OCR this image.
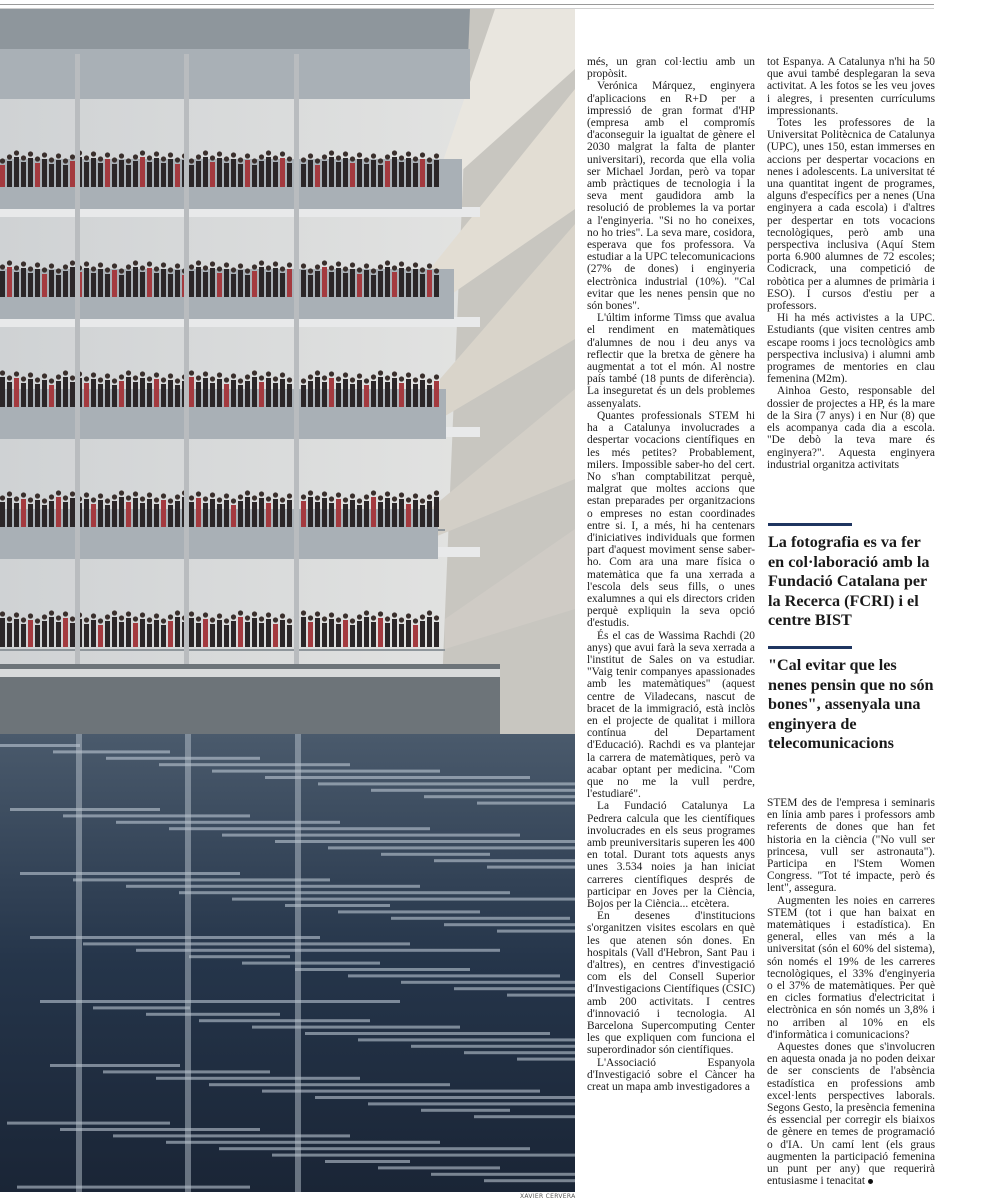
XAVIER CERVERA

més, un gran col·lectiu amb un propòsit.

Verónica Márquez, enginyera d'aplicacions en R+D per a impressió de gran format d'HP (empresa amb el compromís d'aconseguir la igualtat de gènere el 2030 malgrat la falta de planter universitari), recorda que ella volia ser Michael Jordan, però va topar amb pràctiques de tecnologia i la seva ment gaudidora amb la resolució de problemes la va portar a l'enginyeria. "Si no ho coneixes, no ho tries". La seva mare, cosidora, esperava que fos professora. Va estudiar a la UPC telecomunicacions (27% de dones) i enginyeria electrònica industrial (10%). "Cal evitar que les nenes pensin que no són bones".

L'últim informe Timss que avalua el rendiment en matemàtiques d'alumnes de nou i deu anys va reflectir que la bretxa de gènere ha augmentat a tot el món. Al nostre país també (18 punts de diferència). La inseguretat és un dels problemes assenyalats.

Quantes professionals STEM hi ha a Catalunya involucrades a despertar vocacions científiques en les més petites? Probablement, milers. Impossible saber-ho del cert. No s'han comptabilitzat perquè, malgrat que moltes accions que estan preparades per organitzacions o empreses no estan coordinades entre si. I, a més, hi ha centenars d'iniciatives individuals que formen part d'aquest moviment sense saber-ho. Com ara una mare física o matemàtica que fa una xerrada a l'escola dels seus fills, o unes exalumnes a qui els directors criden perquè expliquin la seva opció d'estudis.

És el cas de Wassima Rachdi (20 anys) que avui farà la seva xerrada a l'institut de Sales on va estudiar. "Vaig tenir companyes apassionades amb les matemàtiques" (aquest centre de Viladecans, nascut de bracet de la immigració, està inclòs en el projecte de qualitat i millora contínua del Departament d'Educació). Rachdi es va plantejar la carrera de matemàtiques, però va acabar optant per medicina. "Com que no me la vull perdre, l'estudiaré".

La Fundació Catalunya La Pedrera calcula que les científiques involucrades en els seus programes amb preuniversitaris superen les 400 en total. Durant tots aquests anys unes 3.534 noies ja han iniciat carreres científiques després de participar en Joves per la Ciència, Bojos per la Ciència... etcètera.

En desenes d'institucions s'organitzen visites escolars en què les que atenen són dones. En hospitals (Vall d'Hebron, Sant Pau i d'altres), en centres d'investigació com els del Consell Superior d'Investigacions Científiques (CSIC) amb 200 activitats. I centres d'innovació i tecnologia. Al Barcelona Supercomputing Center les que expliquen com funciona el superordinador són científiques.

L'Associació Espanyola d'Investigació sobre el Càncer ha creat un mapa amb investigadores a

tot Espanya. A Catalunya n'hi ha 50 que avui també desplegaran la seva activitat. A les fotos se les veu joves i alegres, i presenten currículums impressionants.

Totes les professores de la Universitat Politècnica de Catalunya (UPC), unes 150, estan immerses en accions per despertar vocacions en nenes i adolescents. La universitat té una quantitat ingent de programes, alguns d'específics per a nenes (Una enginyera a cada escola) i d'altres per despertar en tots vocacions tecnològiques, però amb una perspectiva inclusiva (Aquí Stem porta 6.900 alumnes de 72 escoles; Codicrack, una competició de robòtica per a alumnes de primària i ESO). I cursos d'estiu per a professors.

Hi ha més activistes a la UPC. Estudiants (que visiten centres amb escape rooms i jocs tecnològics amb perspectiva inclusiva) i alumni amb programes de mentories en clau femenina (M2m).

Ainhoa Gesto, responsable del dossier de projectes a HP, és la mare de la Sira (7 anys) i en Nur (8) que els acompanya cada dia a escola. "De debò la teva mare és enginyera?". Aquesta enginyera industrial organitza activitats

La fotografia es va fer en col·laboració amb la Fundació Catalana per la Recerca (FCRI) i el centre BIST
"Cal evitar que les nenes pensin que no són bones", assenyala una enginyera de telecomunicacions

STEM des de l'empresa i seminaris en línia amb pares i professors amb referents de dones que han fet historia en la ciència ("No vull ser princesa, vull ser astronauta"). Participa en l'Stem Women Congress. "Tot té impacte, però és lent", assegura.

Augmenten les noies en carreres STEM (tot i que han baixat en matemàtiques i estadística). En general, elles van més a la universitat (són el 60% del sistema), són només el 19% de les carreres tecnològiques, el 33% d'enginyeria o el 37% de matemàtiques. Per què en cicles formatius d'electricitat i electrònica en són només un 3,8% i no arriben al 10% en els d'informàtica i comunicacions?

Aquestes dones que s'involucren en aquesta onada ja no poden deixar de ser conscients de l'absència estadística en professions amb excel·lents perspectives laborals. Segons Gesto, la presència femenina és essencial per corregir els biaixos de gènere en temes de programació o d'IA. Un camí lent (els graus augmenten la participació femenina un punt per any) que requerirà entusiasme i tenacitat
